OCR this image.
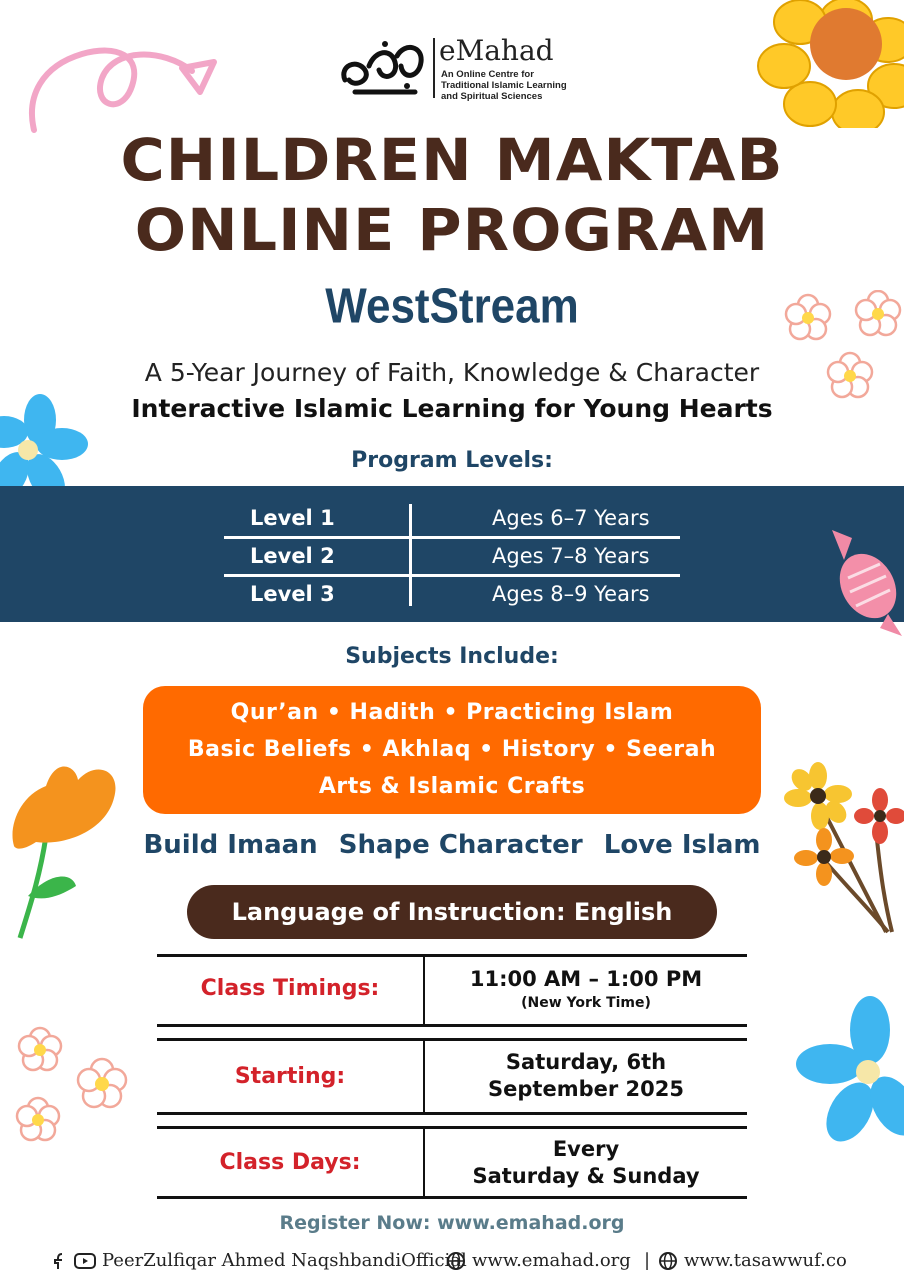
eMahad
An Online Centre for
Traditional Islamic Learning
and Spiritual Sciences
CHILDREN MAKTAB
ONLINE PROGRAM
WestStream
A 5-Year Journey of Faith, Knowledge & Character
Interactive Islamic Learning for Young Hearts
Program Levels:
Level 1	Ages 6–7 Years
Level 2	Ages 7–8 Years
Level 3	Ages 8–9 Years
Subjects Include:
Qur’an • Hadith • Practicing Islam
Basic Beliefs • Akhlaq • History • Seerah
Arts & Islamic Crafts
Build Imaan Shape Character Love Islam
Language of Instruction: English
Class Timings:	11:00 AM – 1:00 PM
(New York Time)
Starting:
Saturday, 6th
September 2025
Class Days:
Every
Saturday & Sunday
Register Now: www.emahad.org
PeerZulfiqar Ahmed NaqshbandiOfficial www.emahad.org | www.tasawwuf.co
